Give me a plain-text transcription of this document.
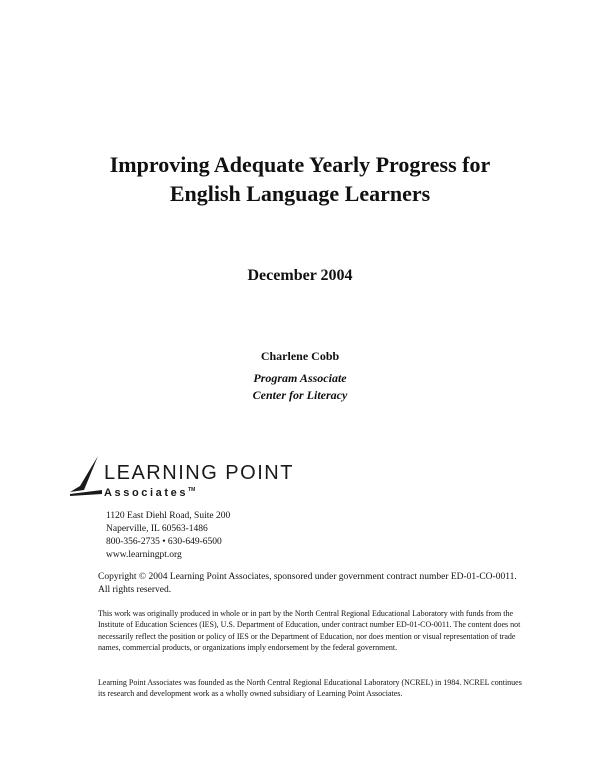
Improving Adequate Yearly Progress for
English Language Learners
December 2004
Charlene Cobb
Program Associate
Center for Literacy
LEARNING POINT
Associates™
1120 East Diehl Road, Suite 200
Naperville, IL 60563-1486
800-356-2735 • 630-649-6500
www.learningpt.org
Copyright © 2004 Learning Point Associates, sponsored under government contract number ED-01-CO-0011. All rights reserved.
This work was originally produced in whole or in part by the North Central Regional Educational Laboratory with funds from the Institute of Education Sciences (IES), U.S. Department of Education, under contract number ED-01-CO-0011. The content does not necessarily reflect the position or policy of IES or the Department of Education, nor does mention or visual representation of trade names, commercial products, or organizations imply endorsement by the federal government.
Learning Point Associates was founded as the North Central Regional Educational Laboratory (NCREL) in 1984. NCREL continues its research and development work as a wholly owned subsidiary of Learning Point Associates.
